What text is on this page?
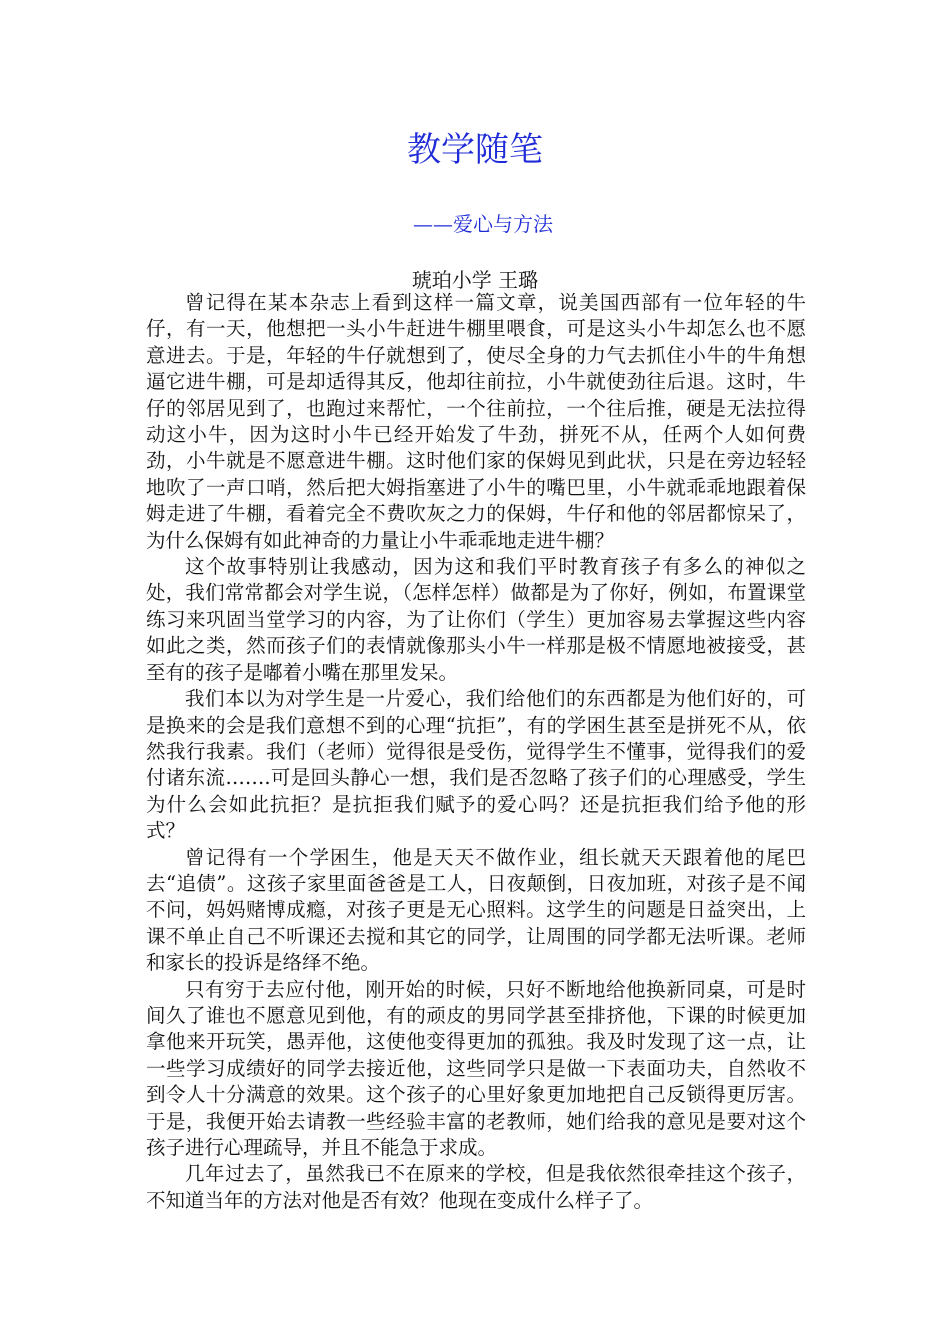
教学随笔
——爱心与方法
琥珀小学 王璐

曾记得在某本杂志上看到这样一篇文章，说美国西部有一位年轻的牛仔，有一天，他想把一头小牛赶进牛棚里喂食，可是这头小牛却怎么也不愿意进去。于是，年轻的牛仔就想到了，使尽全身的力气去抓住小牛的牛角想逼它进牛棚，可是却适得其反，他却往前拉，小牛就使劲往后退。这时，牛仔的邻居见到了，也跑过来帮忙，一个往前拉，一个往后推，硬是无法拉得动这小牛，因为这时小牛已经开始发了牛劲，拼死不从，任两个人如何费劲，小牛就是不愿意进牛棚。这时他们家的保姆见到此状，只是在旁边轻轻地吹了一声口哨，然后把大姆指塞进了小牛的嘴巴里，小牛就乖乖地跟着保姆走进了牛棚，看着完全不费吹灰之力的保姆，牛仔和他的邻居都惊呆了，为什么保姆有如此神奇的力量让小牛乖乖地走进牛棚？

这个故事特别让我感动，因为这和我们平时教育孩子有多么的神似之处，我们常常都会对学生说，（怎样怎样）做都是为了你好，例如，布置课堂练习来巩固当堂学习的内容，为了让你们（学生）更加容易去掌握这些内容如此之类，然而孩子们的表情就像那头小牛一样那是极不情愿地被接受，甚至有的孩子是嘟着小嘴在那里发呆。

我们本以为对学生是一片爱心，我们给他们的东西都是为他们好的，可是换来的会是我们意想不到的心理“抗拒”，有的学困生甚至是拼死不从，依然我行我素。我们（老师）觉得很是受伤，觉得学生不懂事，觉得我们的爱付诸东流…….可是回头静心一想，我们是否忽略了孩子们的心理感受，学生为什么会如此抗拒？是抗拒我们赋予的爱心吗？还是抗拒我们给予他的形式？

曾记得有一个学困生，他是天天不做作业，组长就天天跟着他的尾巴去“追债”。这孩子家里面爸爸是工人，日夜颠倒，日夜加班，对孩子是不闻不问，妈妈赌博成瘾，对孩子更是无心照料。这学生的问题是日益突出，上课不单止自己不听课还去搅和其它的同学，让周围的同学都无法听课。老师和家长的投诉是络绎不绝。

只有穷于去应付他，刚开始的时候，只好不断地给他换新同桌，可是时间久了谁也不愿意见到他，有的顽皮的男同学甚至排挤他，下课的时候更加拿他来开玩笑，愚弄他，这使他变得更加的孤独。我及时发现了这一点，让一些学习成绩好的同学去接近他，这些同学只是做一下表面功夫，自然收不到令人十分满意的效果。这个孩子的心里好象更加地把自己反锁得更厉害。于是，我便开始去请教一些经验丰富的老教师，她们给我的意见是要对这个孩子进行心理疏导，并且不能急于求成。

几年过去了，虽然我已不在原来的学校，但是我依然很牵挂这个孩子，不知道当年的方法对他是否有效？他现在变成什么样子了。
